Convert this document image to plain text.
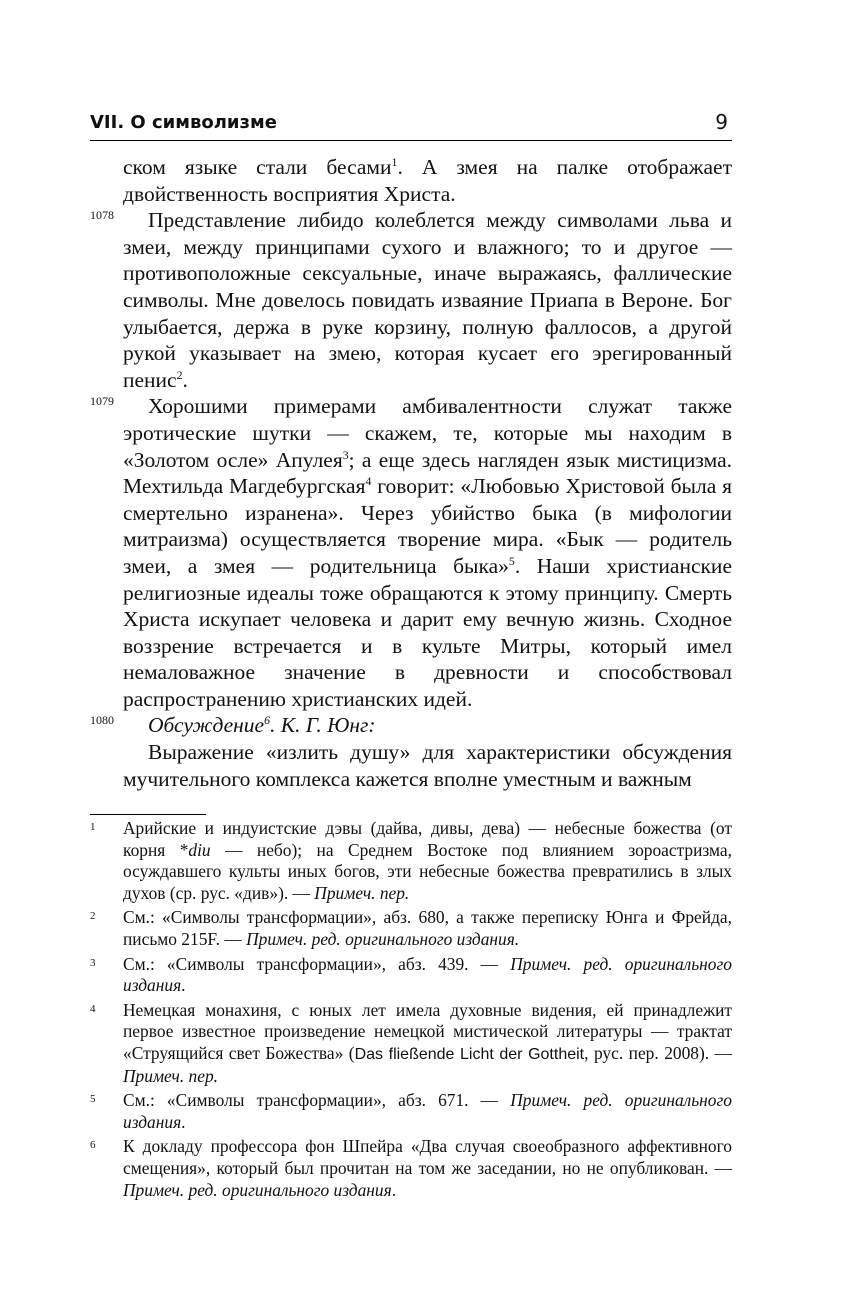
VII. О символизме	9

ском языке стали бесами$^1$. А змея на палке отображает двойственность восприятия Христа.

1078 Представление либидо колеблется между символами льва и змеи, между принципами сухого и влажного; то и другое — противоположные сексуальные, иначе выражаясь, фаллические символы. Мне довелось повидать изваяние Приапа в Вероне. Бог улыбается, держа в руке корзину, полную фаллосов, а другой рукой указывает на змею, которая кусает его эрегированный пенис$^2$.

1079 Хорошими примерами амбивалентности служат также эротические шутки — скажем, те, которые мы находим в «Золотом осле» Апулея$^3$; а еще здесь нагляден язык мистицизма. Мехтильда Магдебургская$^4$ говорит: «Любовью Христовой была я смертельно изранена». Через убийство быка (в мифологии митраизма) осуществляется творение мира. «Бык — родитель змеи, а змея — родительница быка»$^5$. Наши христианские религиозные идеалы тоже обращаются к этому принципу. Смерть Христа искупает человека и дарит ему вечную жизнь. Сходное воззрение встречается и в культе Митры, который имел немаловажное значение в древности и способствовал распространению христианских идей.

1080 Обсуждение$^6$. К. Г. Юнг:

Выражение «излить душу» для характеристики обсуждения мучительного комплекса кажется вполне уместным и важным

1 Арийские и индуистские дэвы (дайва, дивы, дева) — небесные божества (от корня *diu — небо); на Среднем Востоке под влиянием зороастризма, осуждавшего культы иных богов, эти небесные божества превратились в злых духов (ср. рус. «див»). — Примеч. пер.
2 См.: «Символы трансформации», абз. 680, а также переписку Юнга и Фрейда, письмо 215F. — Примеч. ред. оригинального издания.
3 См.: «Символы трансформации», абз. 439. — Примеч. ред. оригинального издания.
4 Немецкая монахиня, с юных лет имела духовные видения, ей принадлежит первое известное произведение немецкой мистической литературы — трактат «Струящийся свет Божества» (Das fließende Licht der Gottheit, рус. пер. 2008). — Примеч. пер.
5 См.: «Символы трансформации», абз. 671. — Примеч. ред. оригинального издания.
6 К докладу профессора фон Шпейра «Два случая своеобразного аффективного смещения», который был прочитан на том же заседании, но не опубликован. — Примеч. ред. оригинального издания.
